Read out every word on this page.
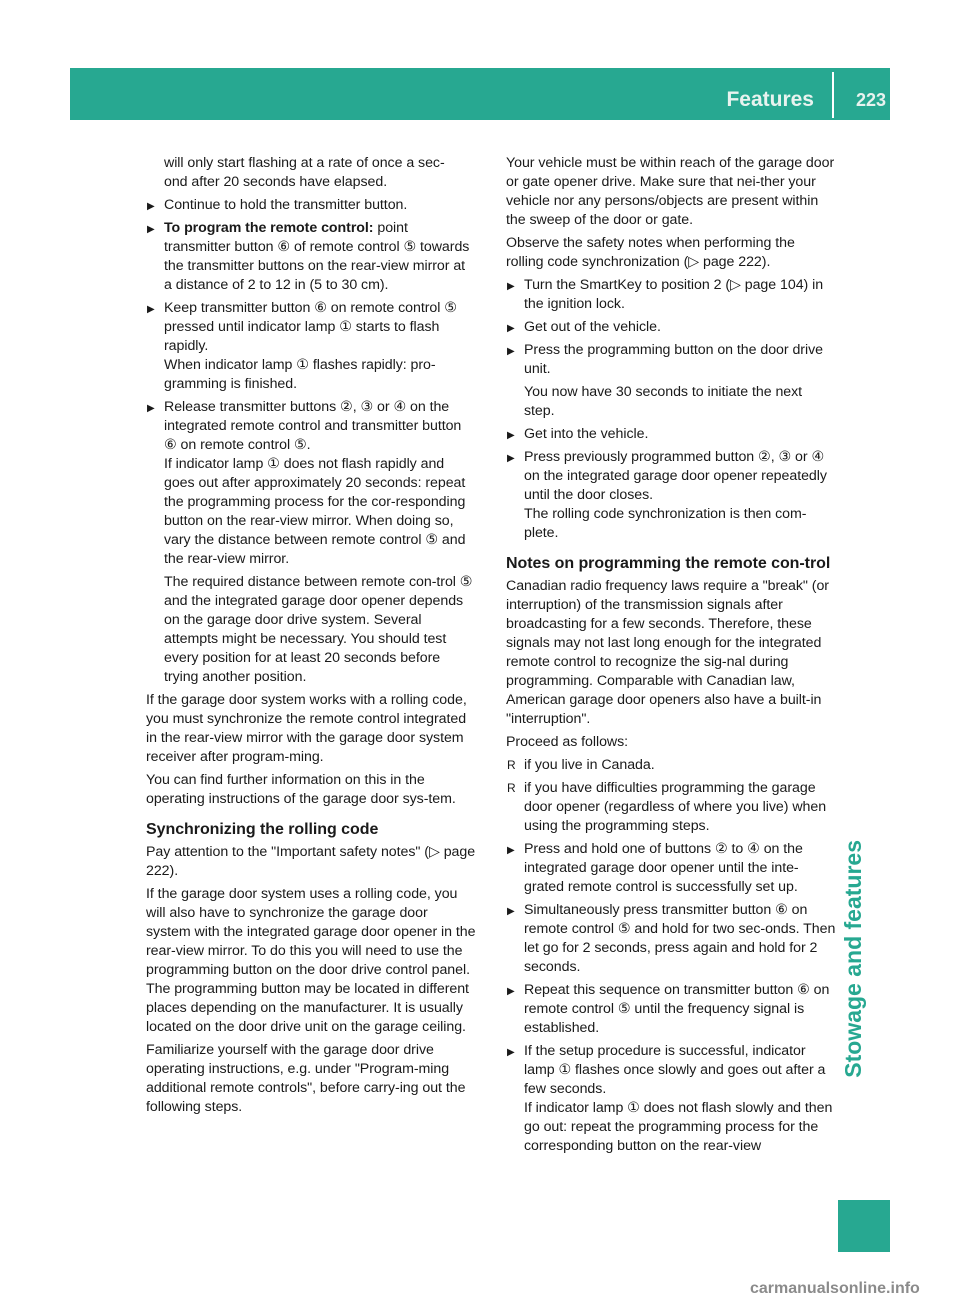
Features 223
Stowage and features

will only start flashing at a rate of once a sec-
ond after 20 seconds have elapsed.

▶
Continue to hold the transmitter button.
▶
To program the remote control: point transmitter button ⑥ of remote control ⑤ towards the transmitter buttons on the rear-view mirror at a distance of 2 to 12 in (5 to 30 cm).
▶
Keep transmitter button ⑥ on remote control ⑤ pressed until indicator lamp ① starts to flash rapidly.
When indicator lamp ① flashes rapidly: pro-gramming is finished.
▶
Release transmitter buttons ②, ③ or ④ on the integrated remote control and transmitter button ⑥ on remote control ⑤.
If indicator lamp ① does not flash rapidly and goes out after approximately 20 seconds: repeat the programming process for the cor-responding button on the rear-view mirror. When doing so, vary the distance between remote control ⑤ and the rear-view mirror.

The required distance between remote con-trol ⑤ and the integrated garage door opener depends on the garage door drive system. Several attempts might be necessary. You should test every position for at least 20 seconds before trying another position.

If the garage door system works with a rolling code, you must synchronize the remote control integrated in the rear-view mirror with the garage door system receiver after program-ming.

You can find further information on this in the operating instructions of the garage door sys-tem.

Synchronizing the rolling code

Pay attention to the "Important safety notes" (▷ page 222).

If the garage door system uses a rolling code, you will also have to synchronize the garage door system with the integrated garage door opener in the rear-view mirror. To do this you will need to use the programming button on the door drive control panel. The programming button may be located in different places depending on the manufacturer. It is usually located on the door drive unit on the garage ceiling.

Familiarize yourself with the garage door drive operating instructions, e.g. under "Program-ming additional remote controls", before carry-ing out the following steps.

Your vehicle must be within reach of the garage door or gate opener drive. Make sure that nei-ther your vehicle nor any persons/objects are present within the sweep of the door or gate.

Observe the safety notes when performing the rolling code synchronization (▷ page 222).

▶
Turn the SmartKey to position 2 (▷ page 104) in the ignition lock.
▶
Get out of the vehicle.
▶
Press the programming button on the door drive unit.

You now have 30 seconds to initiate the next step.

▶
Get into the vehicle.
▶
Press previously programmed button ②, ③ or ④ on the integrated garage door opener repeatedly until the door closes.
The rolling code synchronization is then com-plete.
Notes on programming the remote con-trol

Canadian radio frequency laws require a "break" (or interruption) of the transmission signals after broadcasting for a few seconds. Therefore, these signals may not last long enough for the integrated remote control to recognize the sig-nal during programming. Comparable with Canadian law, American garage door openers also have a built-in "interruption".

Proceed as follows:

R
if you live in Canada.
R
if you have difficulties programming the garage door opener (regardless of where you live) when using the programming steps.
▶
Press and hold one of buttons ② to ④ on the integrated garage door opener until the inte-grated remote control is successfully set up.
▶
Simultaneously press transmitter button ⑥ on remote control ⑤ and hold for two sec-onds. Then let go for 2 seconds, press again and hold for 2 seconds.
▶
Repeat this sequence on transmitter button ⑥ on remote control ⑤ until the frequency signal is established.
▶
If the setup procedure is successful, indicator lamp ① flashes once slowly and goes out after a few seconds.
If indicator lamp ① does not flash slowly and then go out: repeat the programming process for the corresponding button on the rear-view
carmanualsonline.info
